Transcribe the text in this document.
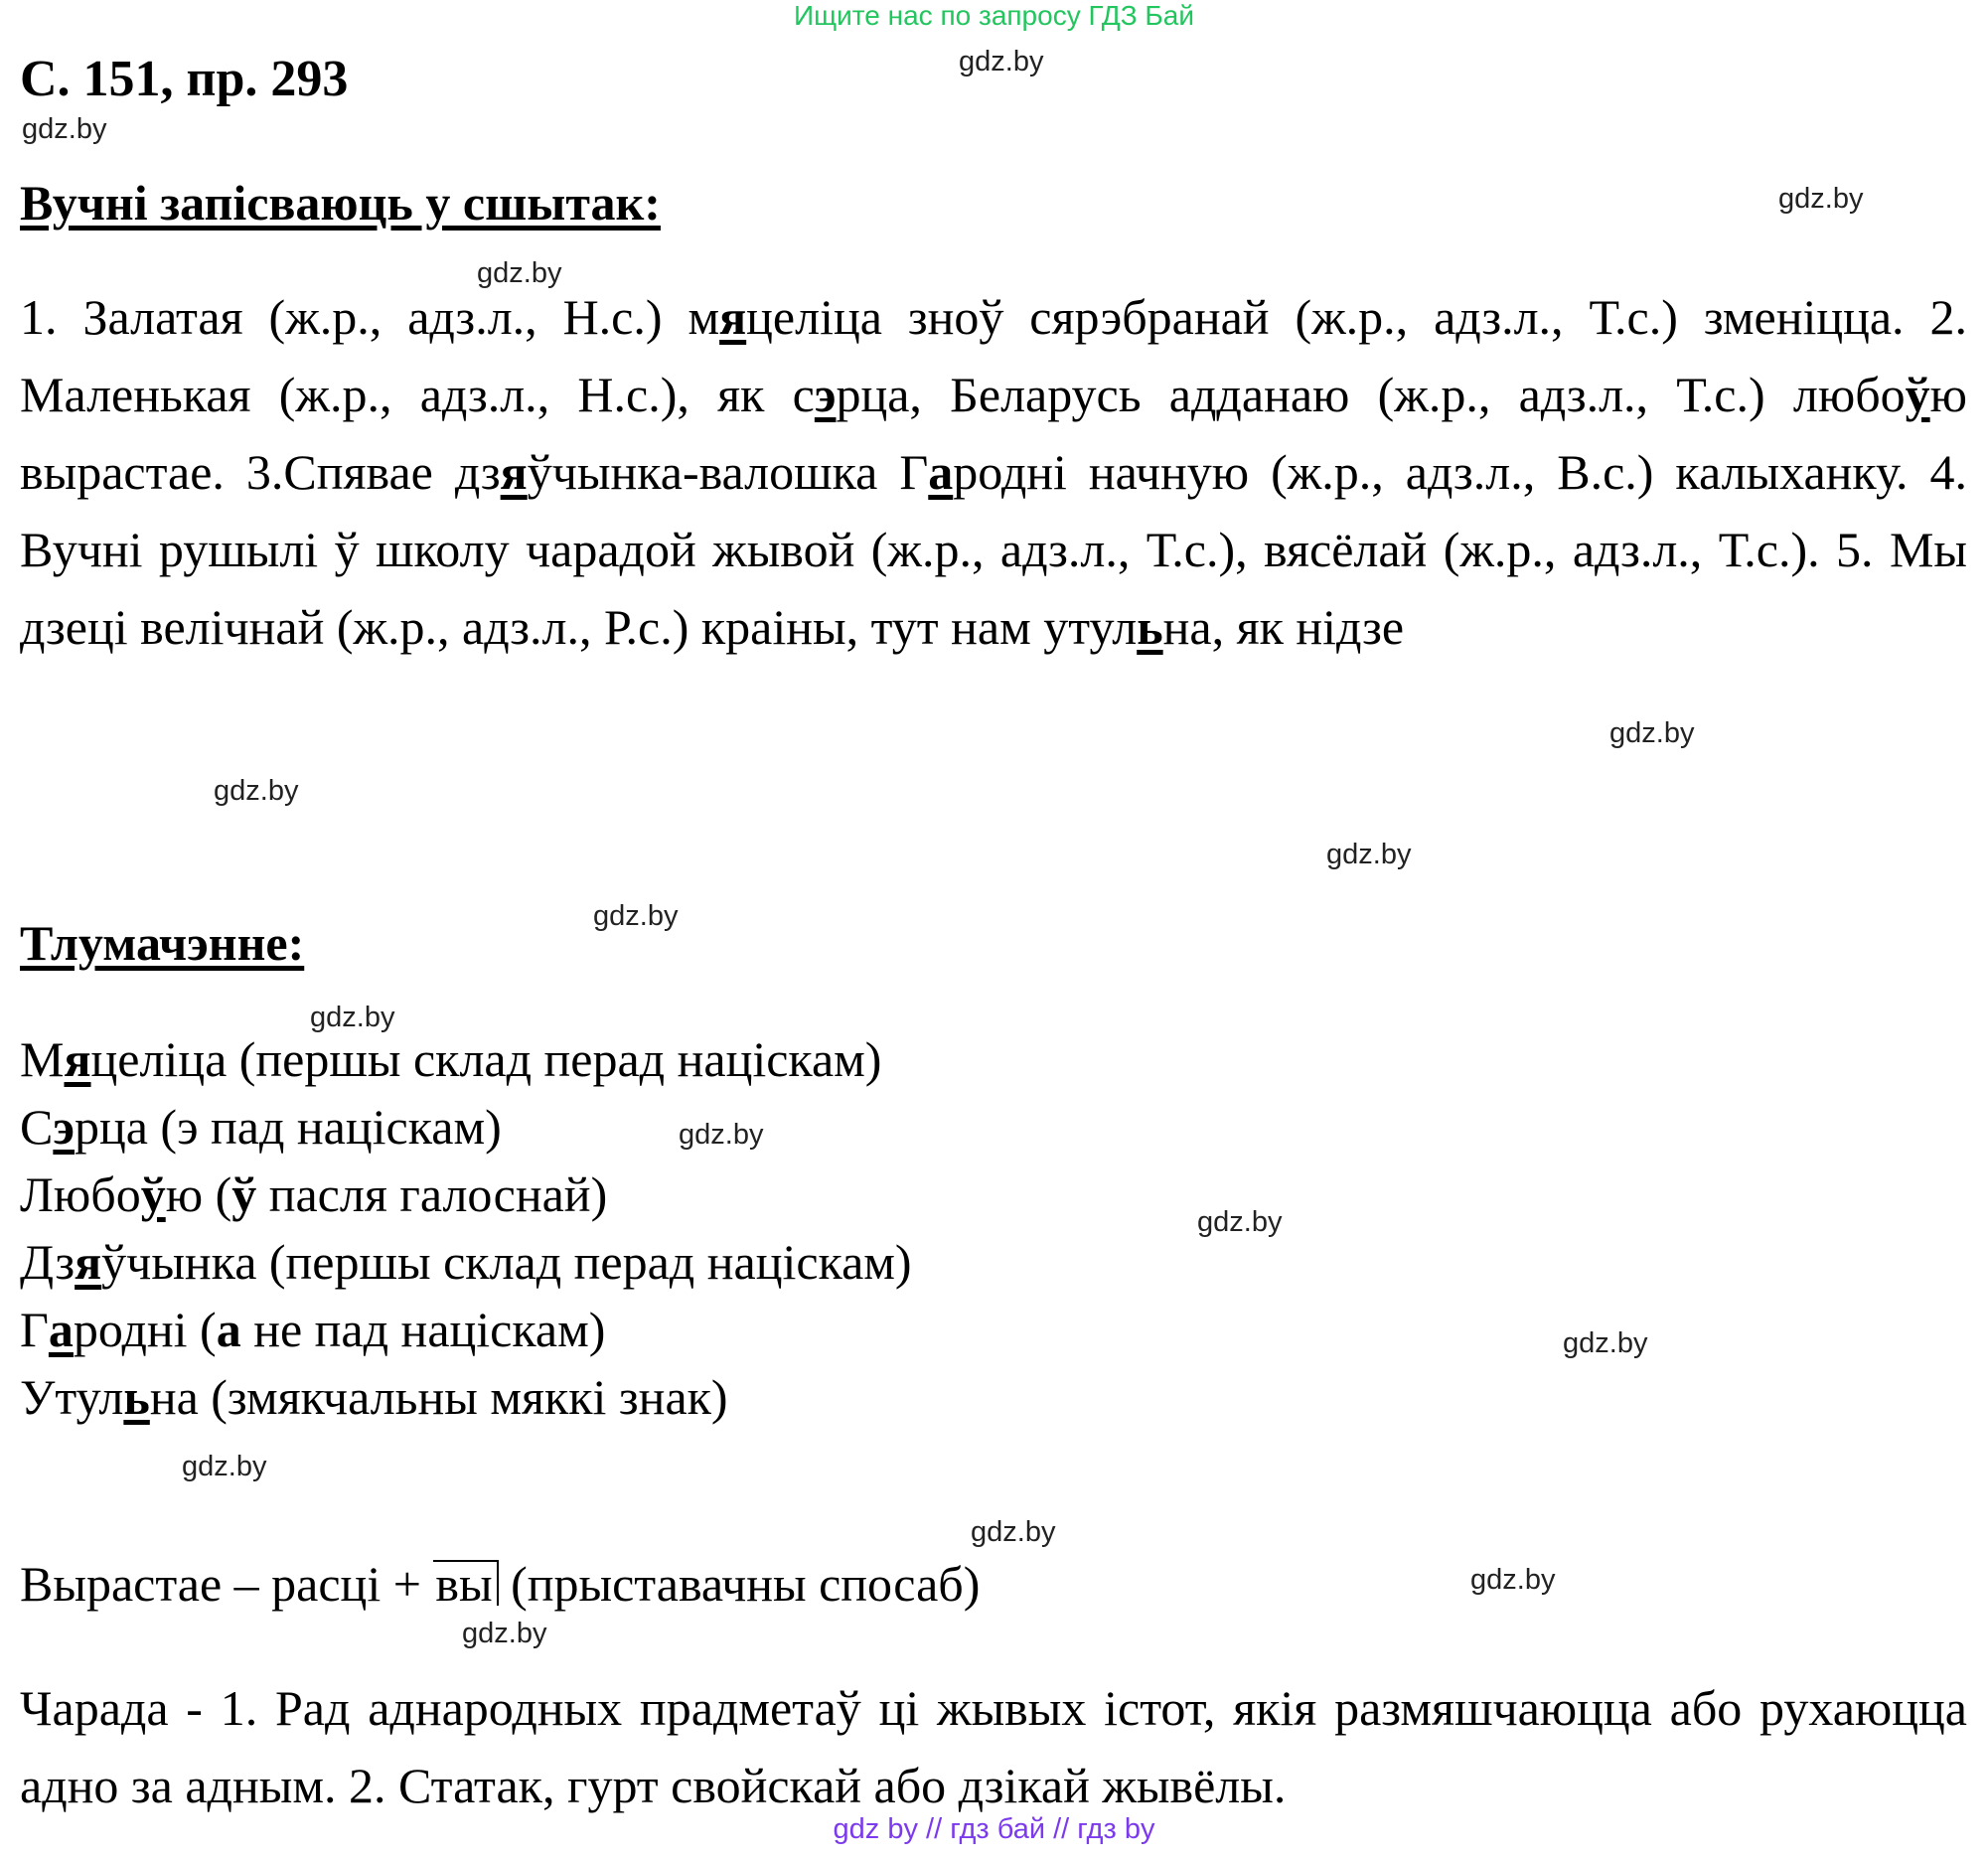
Ищите нас по запросу ГДЗ Бай
С. 151, пр. 293
Вучні запісваюць у сшытак:
1. Залатая (ж.р., адз.л., Н.с.) мяцеліца зноў сярэбранай (ж.р., адз.л., Т.с.) зменіцца. 2. Маленькая (ж.р., адз.л., Н.с.), як сэрца, Беларусь адданаю (ж.р., адз.л., Т.с.) любоўю вырастае. 3.Спявае дзяўчынка-валошка Гародні начную (ж.р., адз.л., В.с.) калыханку. 4. Вучні рушылі ў школу чарадой жывой (ж.р., адз.л., Т.с.), вясёлай (ж.р., адз.л., Т.с.). 5. Мы дзеці велічнай (ж.р., адз.л., Р.с.) краіны, тут нам утульна, як нідзе
Тлумачэнне:
Мяцеліца (першы склад перад націскам)
Сэрца (э пад націскам)
Любоўю (ў пасля галоснай)
Дзяўчынка (першы склад перад націскам)
Гародні (а не пад націскам)
Утульна (змякчальны мяккі знак)
Вырастае – расці + вы (прыставачны спосаб)
Чарада - 1. Рад аднародных прадметаў ці жывых істот, якія размяшчаюцца або рухаюцца адно за адным. 2. Статак, гурт свойскай або дзікай жывёлы.
gdz.by
gdz.by
gdz.by
gdz.by
gdz.by
gdz.by
gdz.by
gdz.by
gdz.by
gdz.by
gdz.by
gdz.by
gdz.by
gdz.by
gdz.by
gdz.by
gdz by // гдз бай // гдз by
